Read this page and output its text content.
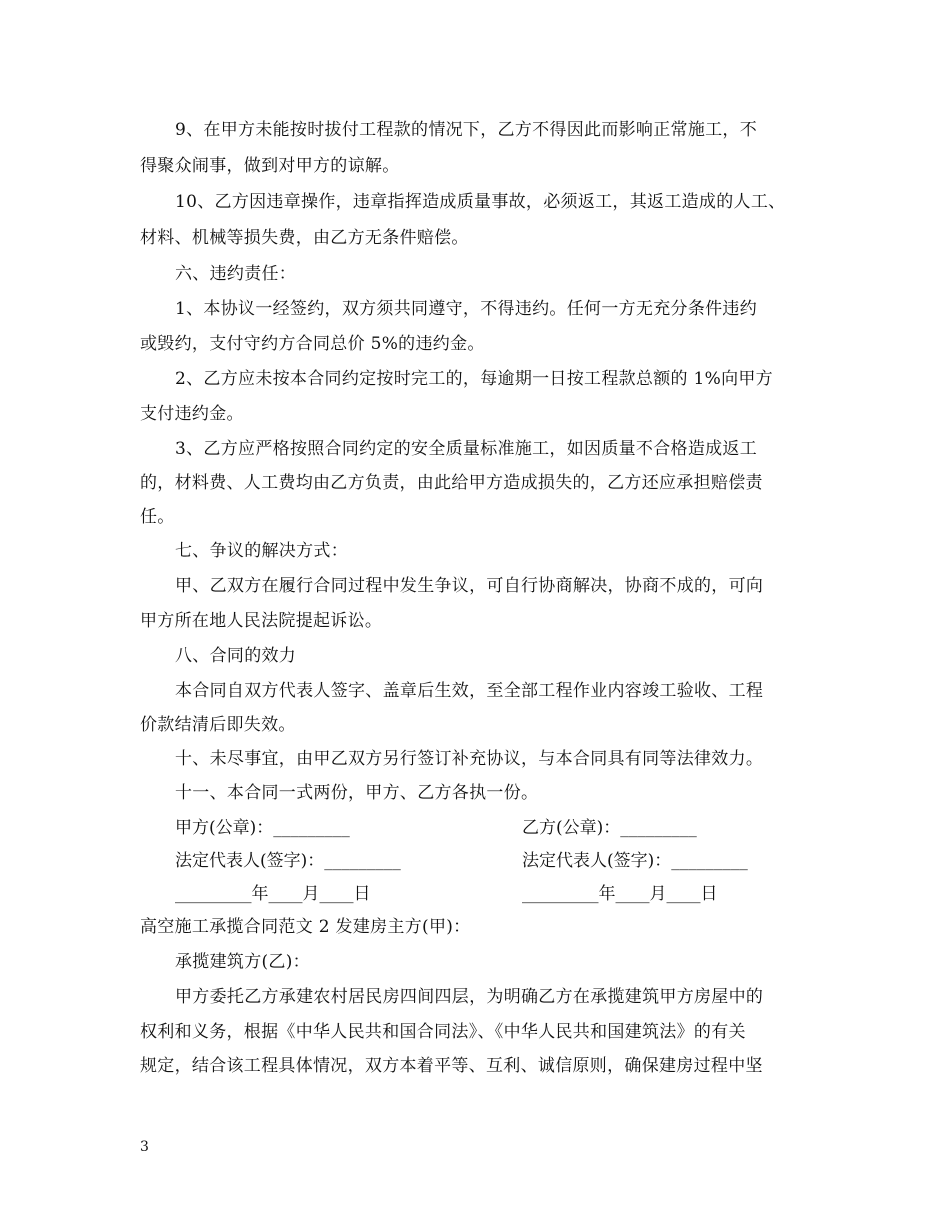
9、在甲方未能按时拔付工程款的情况下，乙方不得因此而影响正常施工，不
得聚众闹事，做到对甲方的谅解。
10、乙方因违章操作，违章指挥造成质量事故，必须返工，其返工造成的人工、
材料、机械等损失费，由乙方无条件赔偿。
六、违约责任：
1、本协议一经签约，双方须共同遵守，不得违约。任何一方无充分条件违约
或毁约，支付守约方合同总价 5%的违约金。
2、乙方应未按本合同约定按时完工的，每逾期一日按工程款总额的 1%向甲方
支付违约金。
3、乙方应严格按照合同约定的安全质量标准施工，如因质量不合格造成返工
的，材料费、人工费均由乙方负责，由此给甲方造成损失的，乙方还应承担赔偿责
任。
七、争议的解决方式：
甲、乙双方在履行合同过程中发生争议，可自行协商解决，协商不成的，可向
甲方所在地人民法院提起诉讼。
八、合同的效力
本合同自双方代表人签字、盖章后生效，至全部工程作业内容竣工验收、工程
价款结清后即失效。
十、未尽事宜，由甲乙双方另行签订补充协议，与本合同具有同等法律效力。
十一、本合同一式两份，甲方、乙方各执一份。
甲方(公章)：_________	乙方(公章)：_________
法定代表人(签字)：_________	法定代表人(签字)：_________
_________年____月____日	_________年____月____日
高空施工承揽合同范文 2 发建房主方(甲)：
承揽建筑方(乙)：
甲方委托乙方承建农村居民房四间四层，为明确乙方在承揽建筑甲方房屋中的
权利和义务，根据《中华人民共和国合同法》、《中华人民共和国建筑法》的有关
规定，结合该工程具体情况，双方本着平等、互利、诚信原则，确保建房过程中坚
3
